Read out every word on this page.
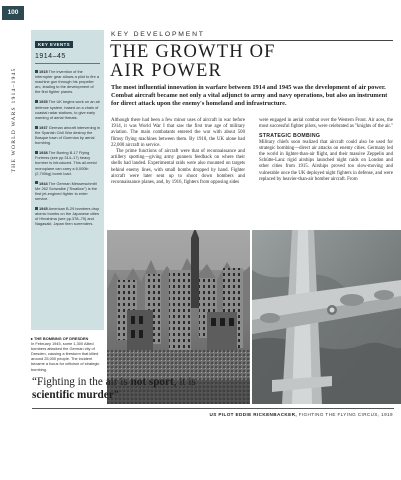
100
THE WORLD WARS 1914–1945
KEY EVENTS
1914–45
1915 The invention of the interrupter gear allows a pilot to fire a machine gun through his propeller arc, leading to the development of the first fighter planes.
1935 The UK begins work on an air defence system, based on a chain of coastal radar stations, to give early warning of aerial threats.
1937 German aircraft intervening in the Spanish Civil War destroy the Basque town of Guernica by aerial bombing.
1938 The Boeing B-17 Flying Fortress (see pp.314–17) heavy bomber is introduced. This all-metal monoplane can carry a 6,000lb (2,700kg) bomb load.
1944 The German Messerschmitt Me 262 Schwalbe ("Swallow") is the first jet-engined fighter to enter service.
1945 American B-29 bombers drop atomic bombs on the Japanese cities of Hiroshima (see pp.378–79) and Nagasaki; Japan then surrenders.
KEY DEVELOPMENT
THE GROWTH OF
AIR POWER
The most influential innovation in warfare between 1914 and 1945 was the development of air power. Combat aircraft became not only a vital adjunct to army and navy operations, but also an instrument for direct attack upon the enemy's homeland and infrastructure.

Although there had been a few minor uses of aircraft in war before 1914, it was World War I that saw the first true age of military aviation. The main combatants entered the war with about 500 flimsy flying machines between them. By 1918, the UK alone had 22,000 aircraft in service.

The prime functions of aircraft were that of reconnaissance and artillery spotting—giving army gunners feedback on where their shells had landed. Experimental raids were also mounted on targets behind enemy lines, with small bombs dropped by hand. Fighter aircraft were later sent up to shoot down bombers and reconnaissance planes, and, by 1916, fighters from opposing sides

were engaged in aerial combat over the Western Front. Air aces, the most successful fighter pilots, were celebrated as "knights of the air."

STRATEGIC BOMBING

Military chiefs soon realized that aircraft could also be used for strategic bombing—direct air attacks on enemy cities. Germany led the world in lighter-than-air flight, and their massive Zeppelin and Schütte-Lanz rigid airships launched night raids on London and other cities from 1915. Airships proved too slow-moving and vulnerable once the UK deployed night fighters in defense, and were replaced by heavier-than-air bomber aircraft. From

▸ THE BOMBING OF DRESDEN
In February 1945, some 1,300 Allied bombers attacked the German city of Dresden, causing a firestorm that killed around 25,000 people. The incident became a focus for criticism of strategic bombing.
“Fighting in the air is not sport, it is
scientific murder”
US PILOT EDDIE RICKENBACKER, FIGHTING THE FLYING CIRCUS, 1919
